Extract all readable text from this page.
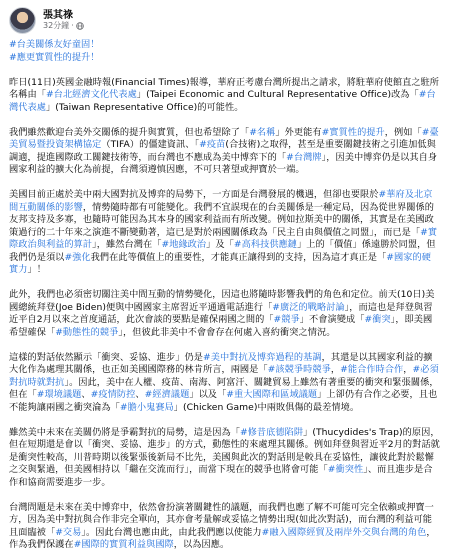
張其祿
32分鐘 ·
#台美關係友好童固！
#應更實質性的提升！

昨日(11日)英國金融時報(Financial Times)報導，華府正考慮台灣所提出之請求，將駐華府使館直之駐所名稱由「#台北經濟文化代表處」(Taipei Economic and Cultural Representative Office)改為「#台灣代表處」(Taiwan Representative Office)的可能性。

我們雖然歡迎台美外交關係的提升與實質，但也希望除了「#名稱」外更能有#實質性的提升，例如「#臺美貿易暨投資架構協定（TIFA）的僵建資訊、「#疫苗(合技術)之取得，甚至是重要關鍵技術之引進加低與調適，提進國際政工關鍵技術等，而台灣也不應成為美中博弈下的「#台灣牌」，因美中博弈仍是以其自身國家利益的擴大化為前提，台灣須遵慎因應，不可只著望或押寶於一端。

美國目前正處於美中兩大國對抗及博弈的局勢下，一方面是台灣發展的機遇，但卻也要限於#華府及北京間互動關係的影響，情勢隨時都有可能變化。我們不宜誤現在的台美關係是一種定局，因為從世界關係的友邦支持及多寡，也隨時可能因為其本身的國家利益而有所改變。例如拉斯美中的關係，其實是在美國政策過行的二十年來之演進不斷變動著，這已是對於兩國關係政為「民主自由與價值之同盟」，而已是「#實際政治與利益的算計」，雖然台灣在「#地緣政治」及「#高科技供應鏈」上的「價值」係遠勝於同盟，但我們仍是須以#強化我們在此等價值上的重要性，才能真正讓得到的支持，因為這才真正是「#國家的硬實力」！

此外，我們也必須密切關注美中間互動的情勢變化，因這也將隨時影響我們的角色和定位。前天(10日)美國總統拜登(Joe Biden)便與中國國家主席習近平通過電話進行「#廣泛的戰略討論」，而這也是拜登與習近平自2月以來之首度通話，此次會談的要點是確保兩國之間的「#競爭」不會演變成「#衝突」，即美國希望確保「#動態性的競爭」，但彼此非美中不會會存在何處入喜約衝突之情況。

這樣的對話依然顯示「衝突、妥協、進步」仍是#美中對抗及博弈過程的基調，其還是以其國家利益的擴大化作為處理其關係，也正如美國國際務的林肯所言，兩國是「#該競爭時競爭，#能合作時合作，#必須對抗時就對抗」。因此，美中在人權、疫苗、南海、阿富汗、關鍵貿易上雖然有著重要的衝突和緊張關係，但在「#環境議題、#疫情防控、#經濟議題」以及「#重大國際和區域議題」上卻仍有合作之必要，且也不能夠讓兩國之衝突淪為「#膽小鬼賽局」(Chicken Game)中兩敗俱傷的最差情境。

雖然美中未來在美關仍將是爭霸對抗的局勢，這是因為「#修昔底德陷阱」(Thucydides's Trap)的原因，但在短期還是會以「衝突、妥協、進步」的方式，動態性的來處理其關係。例如拜登與習近平2月的對話就是衝突性較高，川普時期以後緊張後新局不比先，美國與此次的對話則是較具在妥協性，讓彼此對於鬆懈之交與緊過，但美國相持以「繼在交流而行」，而當下現在的競爭也將會可能「#衝突性」、而且進步是合作和協商需要進步一步。

台灣問題是未來在美中博弈中，依然會扮演著關鍵性的議題，而我們也應了解不可能可完全依賴或押寶一方，因為美中對抗與合作非完全單向，其亦會考量解或妥協之情勢出現(如此次對話)，而台灣的利益可能且面臨被「#交易」。因此台灣也應由此，由此我們應以使能力#融入國際經貿及兩岸外交與台灣的角色，作為我們保護在#國際的實質利益與國際，以為因應。
